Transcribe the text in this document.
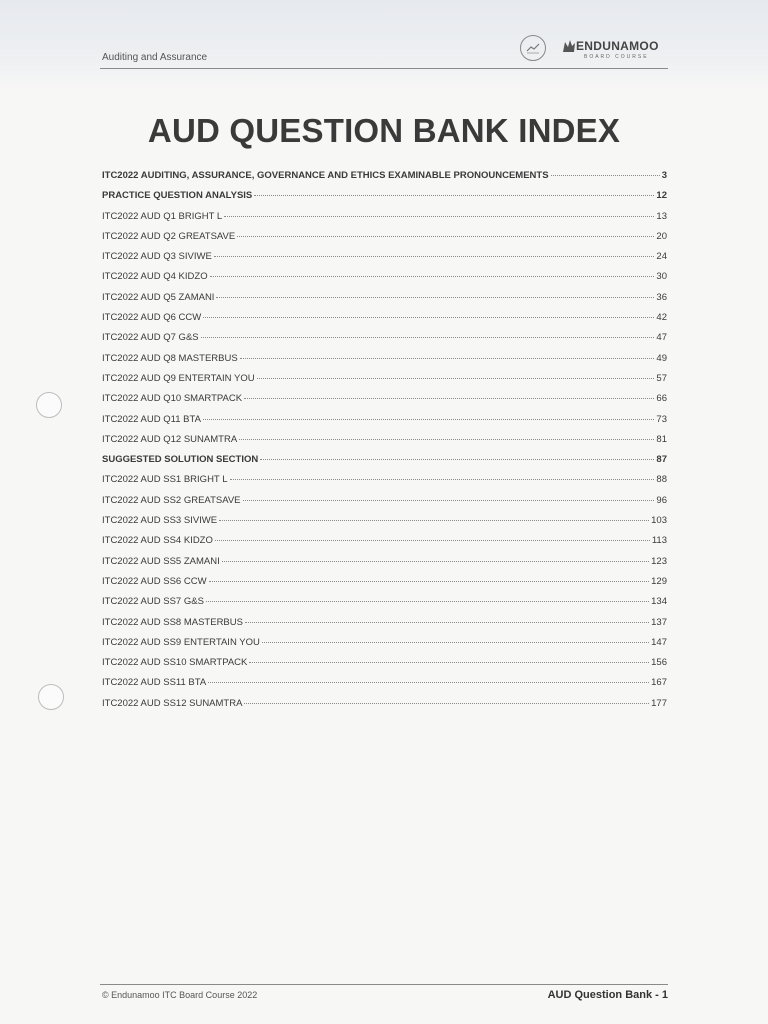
Auditing and Assurance
ENDUNAMOO
BOARD COURSE
AUD QUESTION BANK INDEX
ITC2022 AUDITING, ASSURANCE, GOVERNANCE AND ETHICS EXAMINABLE PRONOUNCEMENTS	3
PRACTICE QUESTION ANALYSIS	12
ITC2022 AUD Q1 BRIGHT L	13
ITC2022 AUD Q2 GREATSAVE	20
ITC2022 AUD Q3 SIVIWE	24
ITC2022 AUD Q4 KIDZO	30
ITC2022 AUD Q5 ZAMANI	36
ITC2022 AUD Q6 CCW	42
ITC2022 AUD Q7 G&S	47
ITC2022 AUD Q8 MASTERBUS	49
ITC2022 AUD Q9 ENTERTAIN YOU	57
ITC2022 AUD Q10 SMARTPACK	66
ITC2022 AUD Q11 BTA	73
ITC2022 AUD Q12 SUNAMTRA	81
SUGGESTED SOLUTION SECTION	87
ITC2022 AUD SS1 BRIGHT L	88
ITC2022 AUD SS2 GREATSAVE	96
ITC2022 AUD SS3 SIVIWE	103
ITC2022 AUD SS4 KIDZO	113
ITC2022 AUD SS5 ZAMANI	123
ITC2022 AUD SS6 CCW	129
ITC2022 AUD SS7 G&S	134
ITC2022 AUD SS8 MASTERBUS	137
ITC2022 AUD SS9 ENTERTAIN YOU	147
ITC2022 AUD SS10 SMARTPACK	156
ITC2022 AUD SS11 BTA	167
ITC2022 AUD SS12 SUNAMTRA	177
© Endunamoo ITC Board Course 2022	AUD Question Bank - 1
